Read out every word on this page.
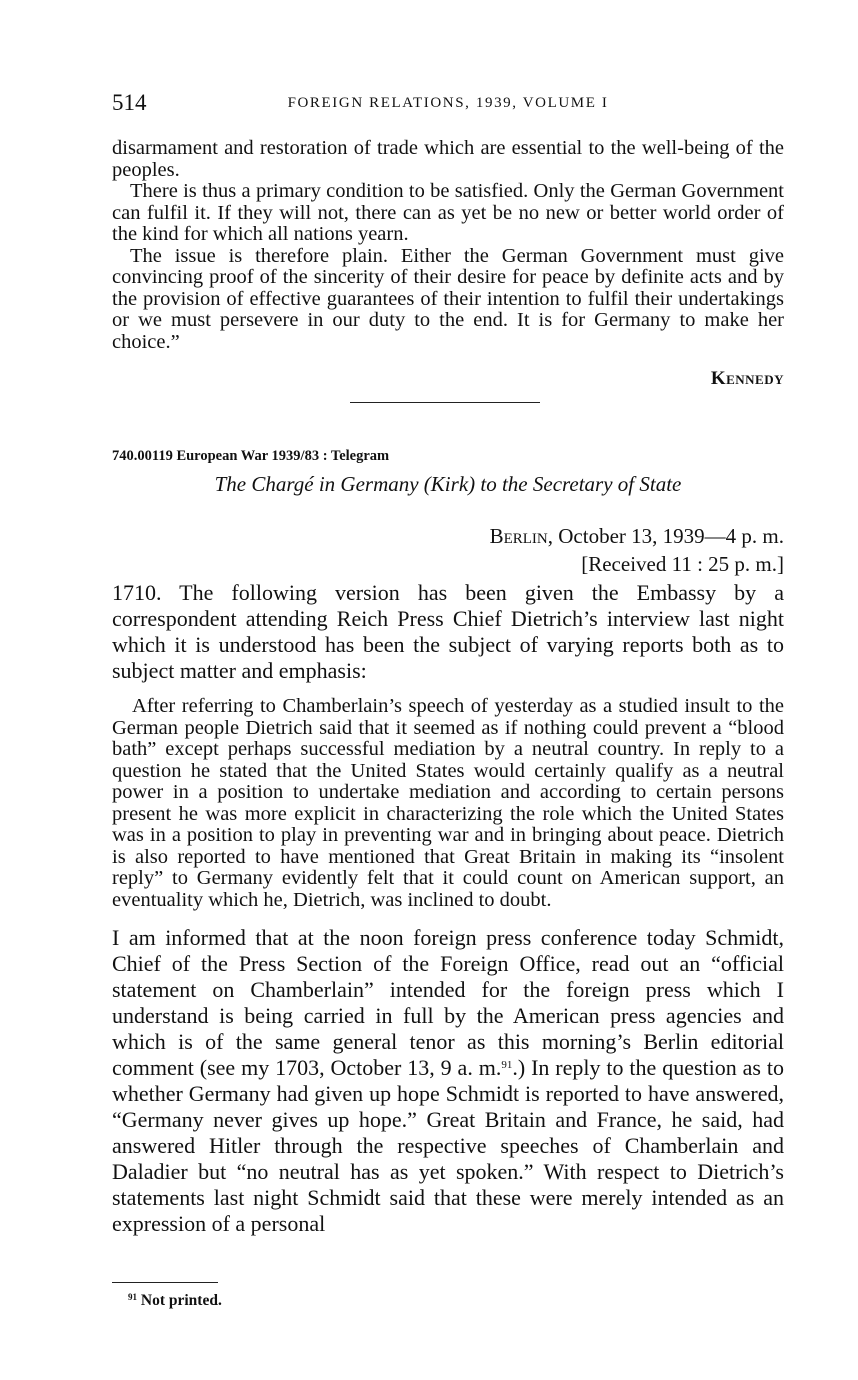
514	FOREIGN RELATIONS, 1939, VOLUME I

disarmament and restoration of trade which are essential to the well-being of the peoples.

There is thus a primary condition to be satisfied. Only the German Government can fulfil it. If they will not, there can as yet be no new or better world order of the kind for which all nations yearn.

The issue is therefore plain. Either the German Government must give convincing proof of the sincerity of their desire for peace by definite acts and by the provision of effective guarantees of their intention to fulfil their undertakings or we must persevere in our duty to the end. It is for Germany to make her choice.”

Kennedy
740.00119 European War 1939/83 : Telegram
The Chargé in Germany (Kirk) to the Secretary of State
Berlin, October 13, 1939—4 p. m.
[Received 11 : 25 p. m.]

1710. The following version has been given the Embassy by a correspondent attending Reich Press Chief Dietrich’s interview last night which it is understood has been the subject of varying reports both as to subject matter and emphasis:

After referring to Chamberlain’s speech of yesterday as a studied insult to the German people Dietrich said that it seemed as if nothing could prevent a “blood bath” except perhaps successful mediation by a neutral country. In reply to a question he stated that the United States would certainly qualify as a neutral power in a position to undertake mediation and according to certain persons present he was more explicit in characterizing the role which the United States was in a position to play in preventing war and in bringing about peace. Dietrich is also reported to have mentioned that Great Britain in making its “insolent reply” to Germany evidently felt that it could count on American support, an eventuality which he, Dietrich, was inclined to doubt.

I am informed that at the noon foreign press conference today Schmidt, Chief of the Press Section of the Foreign Office, read out an “official statement on Chamberlain” intended for the foreign press which I understand is being carried in full by the American press agencies and which is of the same general tenor as this morning’s Berlin editorial comment (see my 1703, October 13, 9 a. m.$^{91}$.) In reply to the question as to whether Germany had given up hope Schmidt is reported to have answered, “Germany never gives up hope.” Great Britain and France, he said, had answered Hitler through the respective speeches of Chamberlain and Daladier but “no neutral has as yet spoken.” With respect to Dietrich’s statements last night Schmidt said that these were merely intended as an expression of a personal

$^{91}$ Not printed.
